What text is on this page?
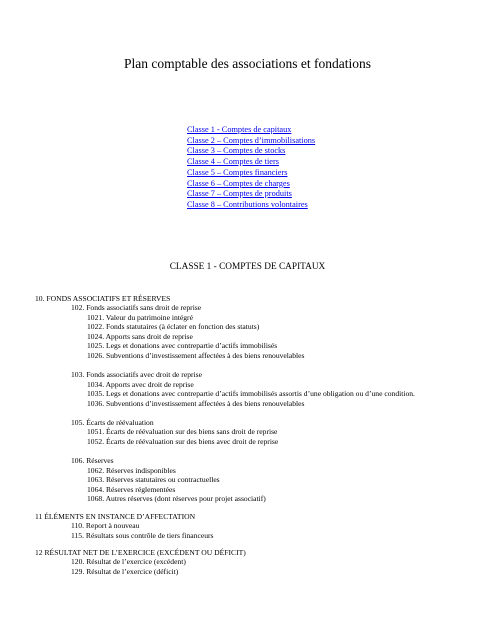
Plan comptable des associations et fondations
Classe 1 - Comptes de capitaux
Classe 2 – Comptes d’immobilisations
Classe 3 – Comptes de stocks
Classe 4 – Comptes de tiers
Classe 5 – Comptes financiers
Classe 6 – Comptes de charges
Classe 7 – Comptes de produits
Classe 8 – Contributions volontaires
CLASSE 1 - COMPTES DE CAPITAUX
10. FONDS ASSOCIATIFS ET RÉSERVES
102. Fonds associatifs sans droit de reprise
1021. Valeur du patrimoine intégré
1022. Fonds statutaires (à éclater en fonction des statuts)
1024. Apports sans droit de reprise
1025. Legs et donations avec contrepartie d’actifs immobilisés
1026. Subventions d’investissement affectées à des biens renouvelables
103. Fonds associatifs avec droit de reprise
1034. Apports avec droit de reprise
1035. Legs et donations avec contrepartie d’actifs immobilisés assortis d’une obligation ou d’une condition.
1036. Subventions d’investissement affectées à des biens renouvelables
105. Écarts de réévaluation
1051. Écarts de réévaluation sur des biens sans droit de reprise
1052. Écarts de réévaluation sur des biens avec droit de reprise
106. Réserves
1062. Réserves indisponibles
1063. Réserves statutaires ou contractuelles
1064. Réserves réglementées
1068. Autres réserves (dont réserves pour projet associatif)
11 ÉLÉMENTS EN INSTANCE D’AFFECTATION
110. Report à nouveau
115. Résultats sous contrôle de tiers financeurs
12 RÉSULTAT NET DE L’EXERCICE (EXCÉDENT OU DÉFICIT)
120. Résultat de l’exercice (excédent)
129. Résultat de l’exercice (déficit)
